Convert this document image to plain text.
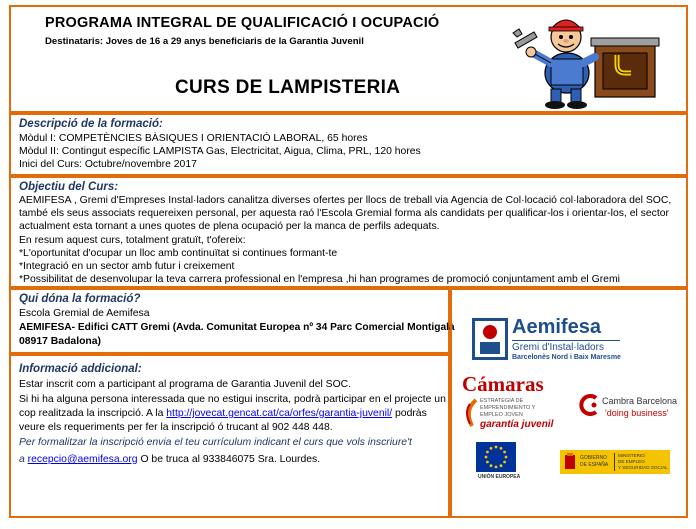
PROGRAMA INTEGRAL DE QUALIFICACIÓ I OCUPACIÓ
Destinataris: Joves de 16 a 29 anys beneficiaris de la Garantia Juvenil
CURS DE LAMPISTERIA
Descripció de la formació:
Mòdul I: COMPETÈNCIES BÀSIQUES I ORIENTACIÓ LABORAL, 65 hores
Mòdul II: Contingut específic LAMPISTA Gas, Electricitat, Aigua, Clima, PRL, 120 hores
Inici del Curs: Octubre/novembre 2017
Objectiu del Curs:
AEMIFESA , Gremi d'Empreses Instal·ladors canalitza diverses ofertes per llocs de treball via Agencia de Col·locació col·laboradora del SOC,
també els seus associats requereixen personal, per aquesta raó l'Escola Gremial forma als candidats per qualificar-los i orientar-los, el sector
actualment esta tornant a unes quotes de plena ocupació per la manca de perfils adequats.
En resum aquest curs, totalment gratuït, t'ofereix:
*L'oportunitat d'ocupar un lloc amb continuïtat si continues formant-te
*Integració en un sector amb futur i creixement
*Possibilitat de desenvolupar la teva carrera professional en l'empresa ,hi han programes de promoció conjuntament amb el Gremi
Qui dóna la formació?
Escola Gremial de Aemifesa
AEMIFESA- Edifici CATT Gremi (Avda. Comunitat Europea nº 34 Parc Comercial Montigalà
08917 Badalona)
Informació addicional:
Estar inscrit com a participant al programa de Garantia Juvenil del SOC.
Si hi ha alguna persona interessada que no estigui inscrita, podrà participar en el projecte un
cop realitzada la inscripció. A la http://jovecat.gencat.cat/ca/orfes/garantia-juvenil/ podràs
veure els requeriments per fer la inscripció ó trucant al 902 448 448.
Per formalitzar la inscripció envia el teu currículum indicant el curs que vols inscriure't
a recepcio@aemifesa.org O be truca al 933846075 Sra. Lourdes.
Aemifesa
Gremi d'Instal·ladors
Barcelonès Nord i Baix Maresme
Cámaras
ESTRATEGIA DE
EMPRENDIMIENTO Y
EMPLEO JOVEN
garantía juvenil
Cambra Barcelona
'doing business'
UNIÓN EUROPEA
GOBIERNO
DE ESPAÑA
MINISTERIO
DE EMPLEO
Y SEGURIDAD SOCIAL
